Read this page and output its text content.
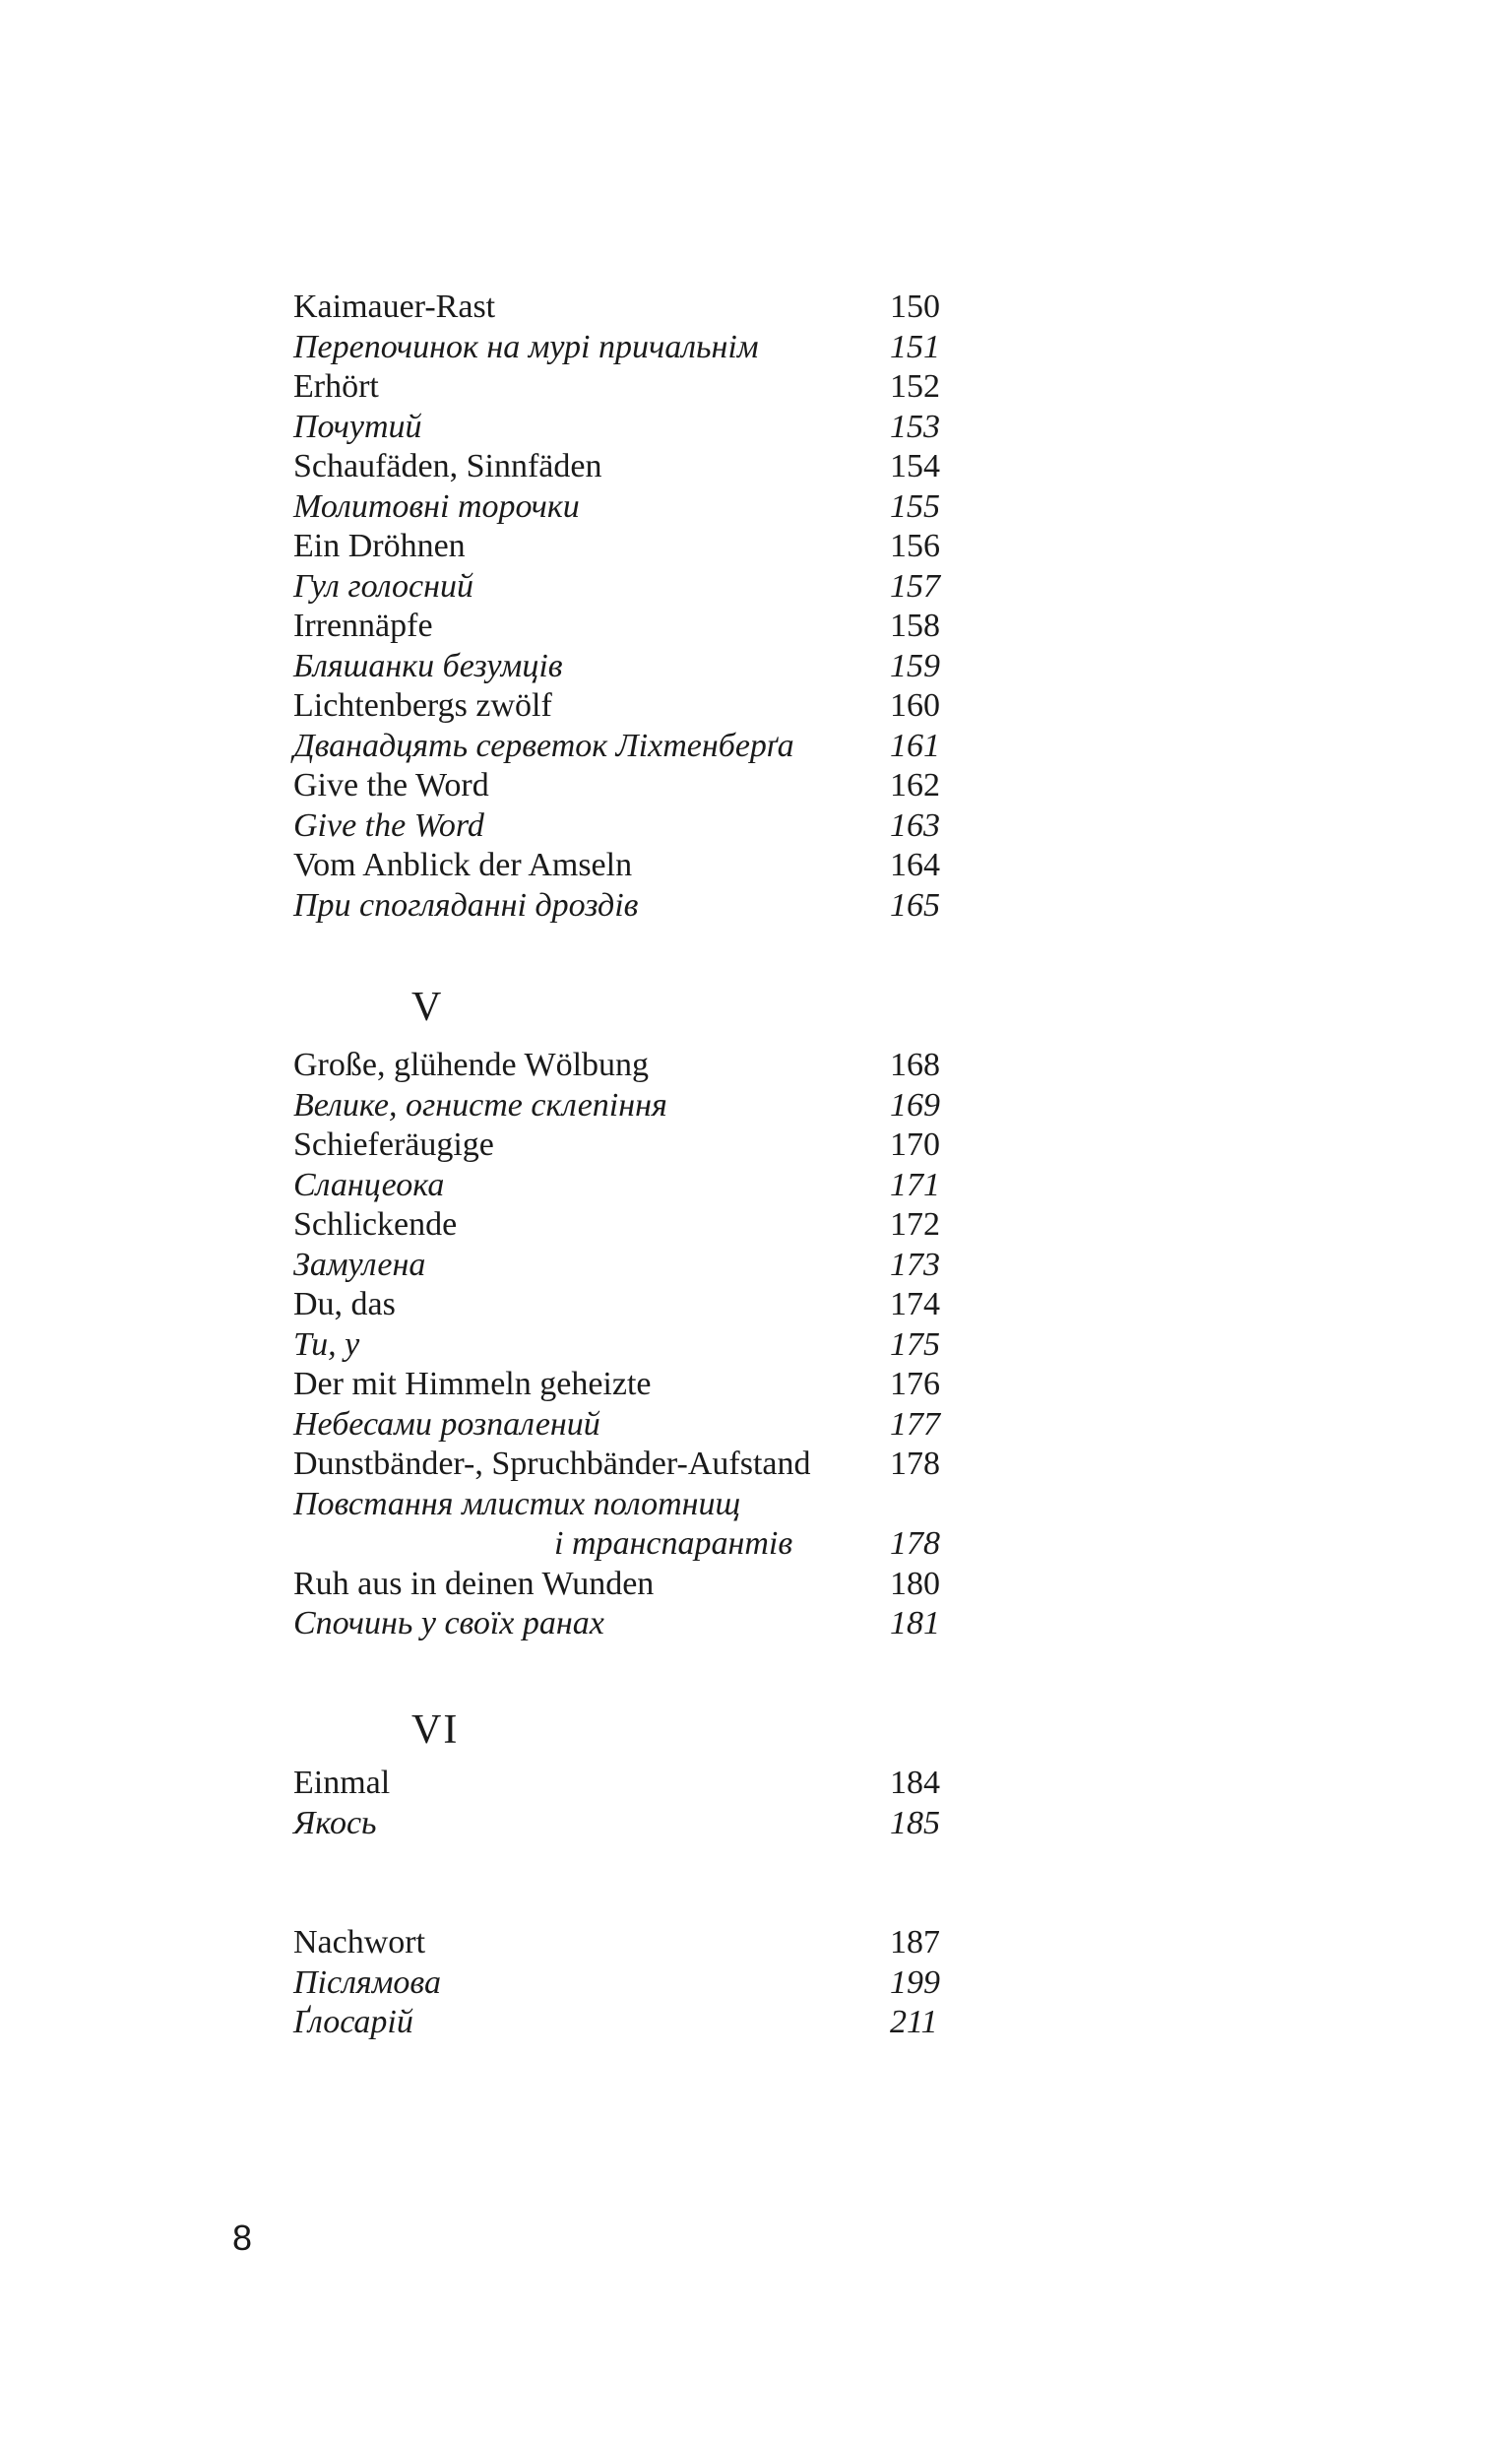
Kaimauer-Rast	150
Перепочинок на мурі причальнім	151
Erhört	152
Почутий	153
Schaufäden, Sinnfäden	154
Молитовні торочки	155
Ein Dröhnen	156
Гул голосний	157
Irrennäpfe	158
Бляшанки безумців	159
Lichtenbergs zwölf	160
Дванадцять серветок Ліхтенберґа	161
Give the Word	162
Give the Word	163
Vom Anblick der Amseln	164
При спогляданні дроздів	165
V
Große, glühende Wölbung	168
Велике, огнисте склепіння	169
Schieferäugige	170
Сланцеока	171
Schlickende	172
Замулена	173
Du, das	174
Ти, у	175
Der mit Himmeln geheizte	176
Небесами розпалений	177
Dunstbänder-, Spruchbänder-Aufstand 178
Повстання млистих полотнищ
і транспарантів	178
Ruh aus in deinen Wunden	180
Спочинь у своїх ранах	181
VI
Einmal	184
Якось	185
Nachwort	187
Післямова	199
Ґлосарій	211
8
